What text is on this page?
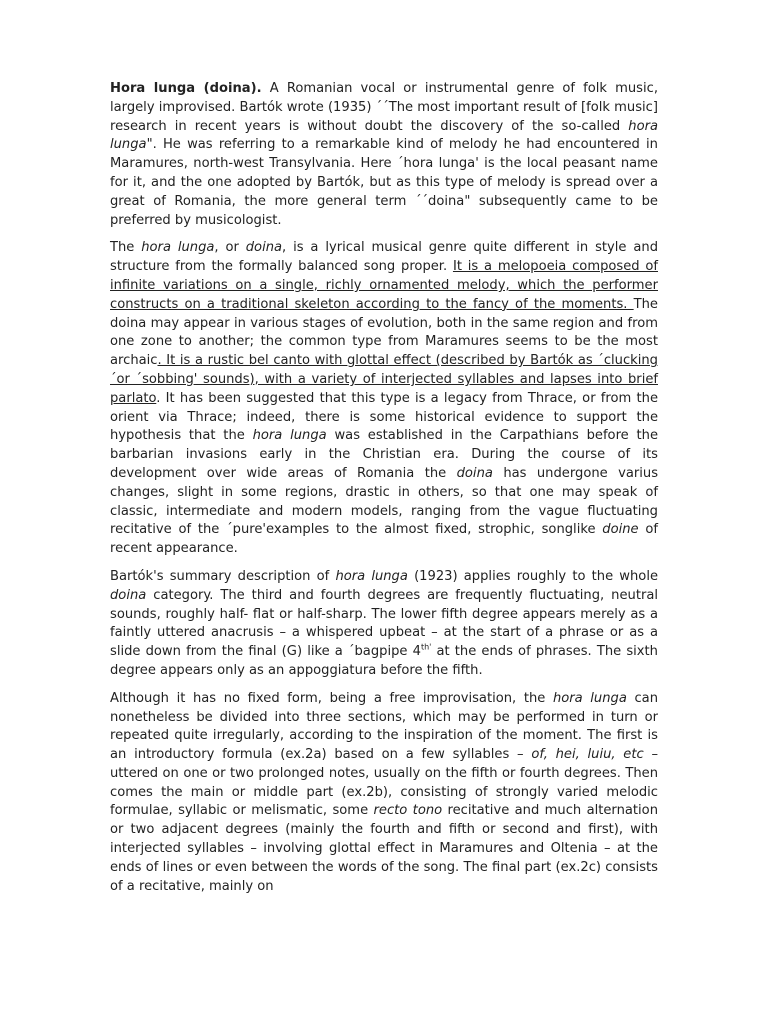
Hora lunga (doina). A Romanian vocal or instrumental genre of folk music, largely improvised. Bartók wrote (1935) ´´The most important result of [folk music] research in recent years is without doubt the discovery of the so-called hora lunga". He was referring to a remarkable kind of melody he had encountered in Maramures, north-west Transylvania. Here ´hora lunga' is the local peasant name for it, and the one adopted by Bartók, but as this type of melody is spread over a great of Romania, the more general term ´´doina" subsequently came to be preferred by musicologist.

The hora lunga, or doina, is a lyrical musical genre quite different in style and structure from the formally balanced song proper. It is a melopoeia composed of infinite variations on a single, richly ornamented melody, which the performer constructs on a traditional skeleton according to the fancy of the moments. The doina may appear in various stages of evolution, both in the same region and from one zone to another; the common type from Maramures seems to be the most archaic. It is a rustic bel canto with glottal effect (described by Bartók as ´clucking´or ´sobbing' sounds), with a variety of interjected syllables and lapses into brief parlato. It has been suggested that this type is a legacy from Thrace, or from the orient via Thrace; indeed, there is some historical evidence to support the hypothesis that the hora lunga was established in the Carpathians before the barbarian invasions early in the Christian era. During the course of its development over wide areas of Romania the doina has undergone varius changes, slight in some regions, drastic in others, so that one may speak of classic, intermediate and modern models, ranging from the vague fluctuating recitative of the ´pure'examples to the almost fixed, strophic, songlike doine of recent appearance.

Bartók's summary description of hora lunga (1923) applies roughly to the whole doina category. The third and fourth degrees are frequently fluctuating, neutral sounds, roughly half- flat or half-sharp. The lower fifth degree appears merely as a faintly uttered anacrusis – a whispered upbeat – at the start of a phrase or as a slide down from the final (G) like a ´bagpipe $4^{th'}$ at the ends of phrases. The sixth degree appears only as an appoggiatura before the fifth.

Although it has no fixed form, being a free improvisation, the hora lunga can nonetheless be divided into three sections, which may be performed in turn or repeated quite irregularly, according to the inspiration of the moment. The first is an introductory formula (ex.2a) based on a few syllables – of, hei, luiu, etc – uttered on one or two prolonged notes, usually on the fifth or fourth degrees. Then comes the main or middle part (ex.2b), consisting of strongly varied melodic formulae, syllabic or melismatic, some recto tono recitative and much alternation or two adjacent degrees (mainly the fourth and fifth or second and first), with interjected syllables – involving glottal effect in Maramures and Oltenia – at the ends of lines or even between the words of the song. The final part (ex.2c) consists of a recitative, mainly on
